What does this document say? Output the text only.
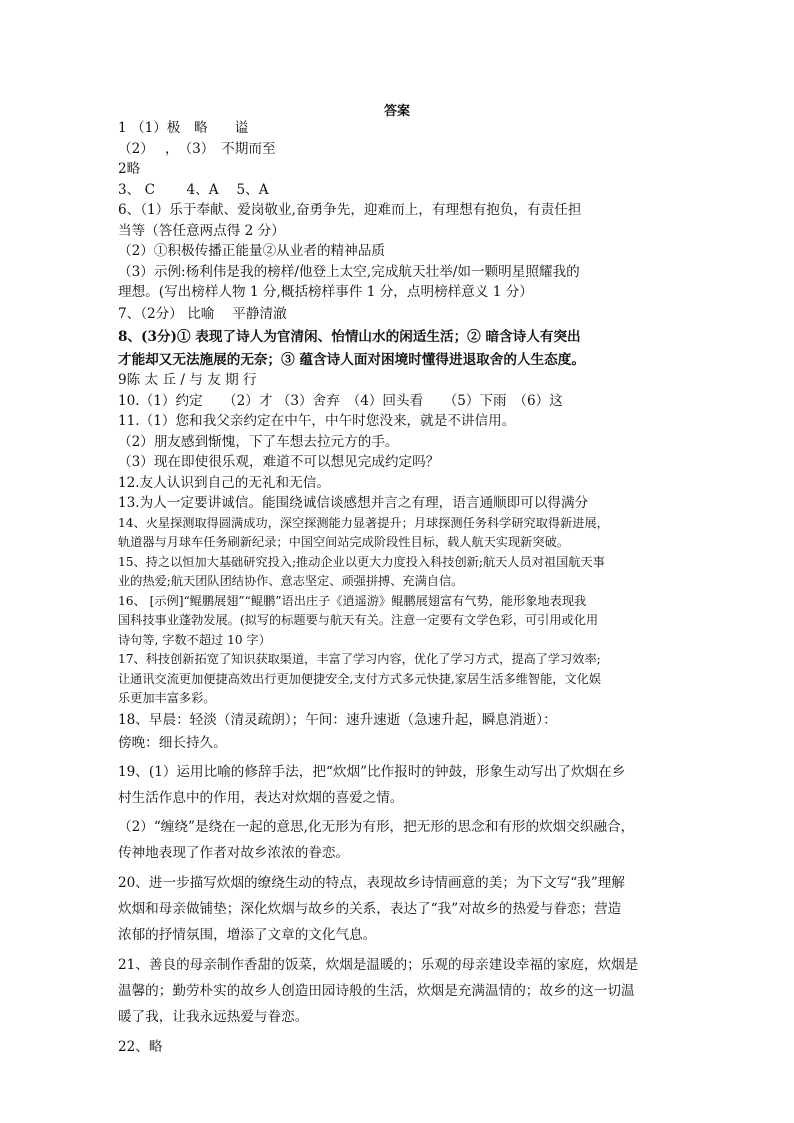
答案
1 （1）极　略　　谥
（2）　 ，　（3）　不期而至
2略
3、 C　　 4、A　 5、A
6、（1）乐于奉献、爱岗敬业,奋勇争先，迎难而上，有理想有抱负，有责任担
当等（答任意两点得 2 分）
（2）①积极传播正能量②从业者的精神品质
（3）示例:杨利伟是我的榜样/他登上太空,完成航天壮举/如一颗明星照耀我的
理想。(写出榜样人物 1 分,概括榜样事件 1 分，点明榜样意义 1 分）
7、（2分） 比喻　 平静清澈
8、(3分)① 表现了诗人为官清闲、怡情山水的闲适生活；② 暗含诗人有突出
才能却又无法施展的无奈；③ 蕴含诗人面对困境时懂得进退取舍的人生态度。
9陈 太 丘 / 与 友 期 行
10.（1）约定　　（2）才 （3）舍弃　（4）回头看　　（5）下雨　（6）这
11.（1）您和我父亲约定在中午，中午时您没来，就是不讲信用。
（2）朋友感到惭愧，下了车想去拉元方的手。
（3）现在即使很乐观，难道不可以想见完成约定吗？
12.友人认识到自己的无礼和无信。
13.为人一定要讲诚信。能围绕诚信谈感想并言之有理，语言通顺即可以得满分
14、火星探测取得圆满成功，深空探测能力显著提升；月球探测任务科学研究取得新进展，
轨道器与月球车任务刷新纪录；中国空间站完成阶段性目标，载人航天实现新突破。
15、持之以恒加大基础研究投入;推动企业以更大力度投入科技创新;航天人员对祖国航天事
业的热爱;航天团队团结协作、意志坚定、顽强拼搏、充满自信。
16、 [示例]“鲲鹏展翅”“鲲鹏”语出庄子《逍遥游》鲲鹏展翅富有气势，能形象地表现我
国科技事业蓬勃发展。(拟写的标题要与航天有关。注意一定要有文学色彩，可引用或化用
诗句等, 字数不超过 10 字）
17、科技创新拓宽了知识获取渠道，丰富了学习内容，优化了学习方式，提高了学习效率;
让通讯交流更加便捷高效出行更加便捷安全,支付方式多元快捷,家居生活多维智能，文化娱
乐更加丰富多彩。
18、早晨：轻淡（清灵疏朗）；午间：速升速逝（急速升起，瞬息消逝）：
傍晚：细长持久。
19、(1）运用比喻的修辞手法，把“炊烟”比作报时的钟鼓，形象生动写出了炊烟在乡
村生活作息中的作用，表达对炊烟的喜爱之情。
（2）“缠绕”是绕在一起的意思,化无形为有形，把无形的思念和有形的炊烟交织融合，
传神地表现了作者对故乡浓浓的眷恋。
20、进一步描写炊烟的缭绕生动的特点，表现故乡诗情画意的美；为下文写“我”理解
炊烟和母亲做铺垫；深化炊烟与故乡的关系，表达了“我”对故乡的热爱与眷恋；营造
浓郁的抒情氛围，增添了文章的文化气息。
21、善良的母亲制作香甜的饭菜，炊烟是温暖的；乐观的母亲建设幸福的家庭，炊烟是
温馨的；勤劳朴实的故乡人创造田园诗般的生活，炊烟是充满温情的；故乡的这一切温
暖了我，让我永远热爱与眷恋。
22、略
